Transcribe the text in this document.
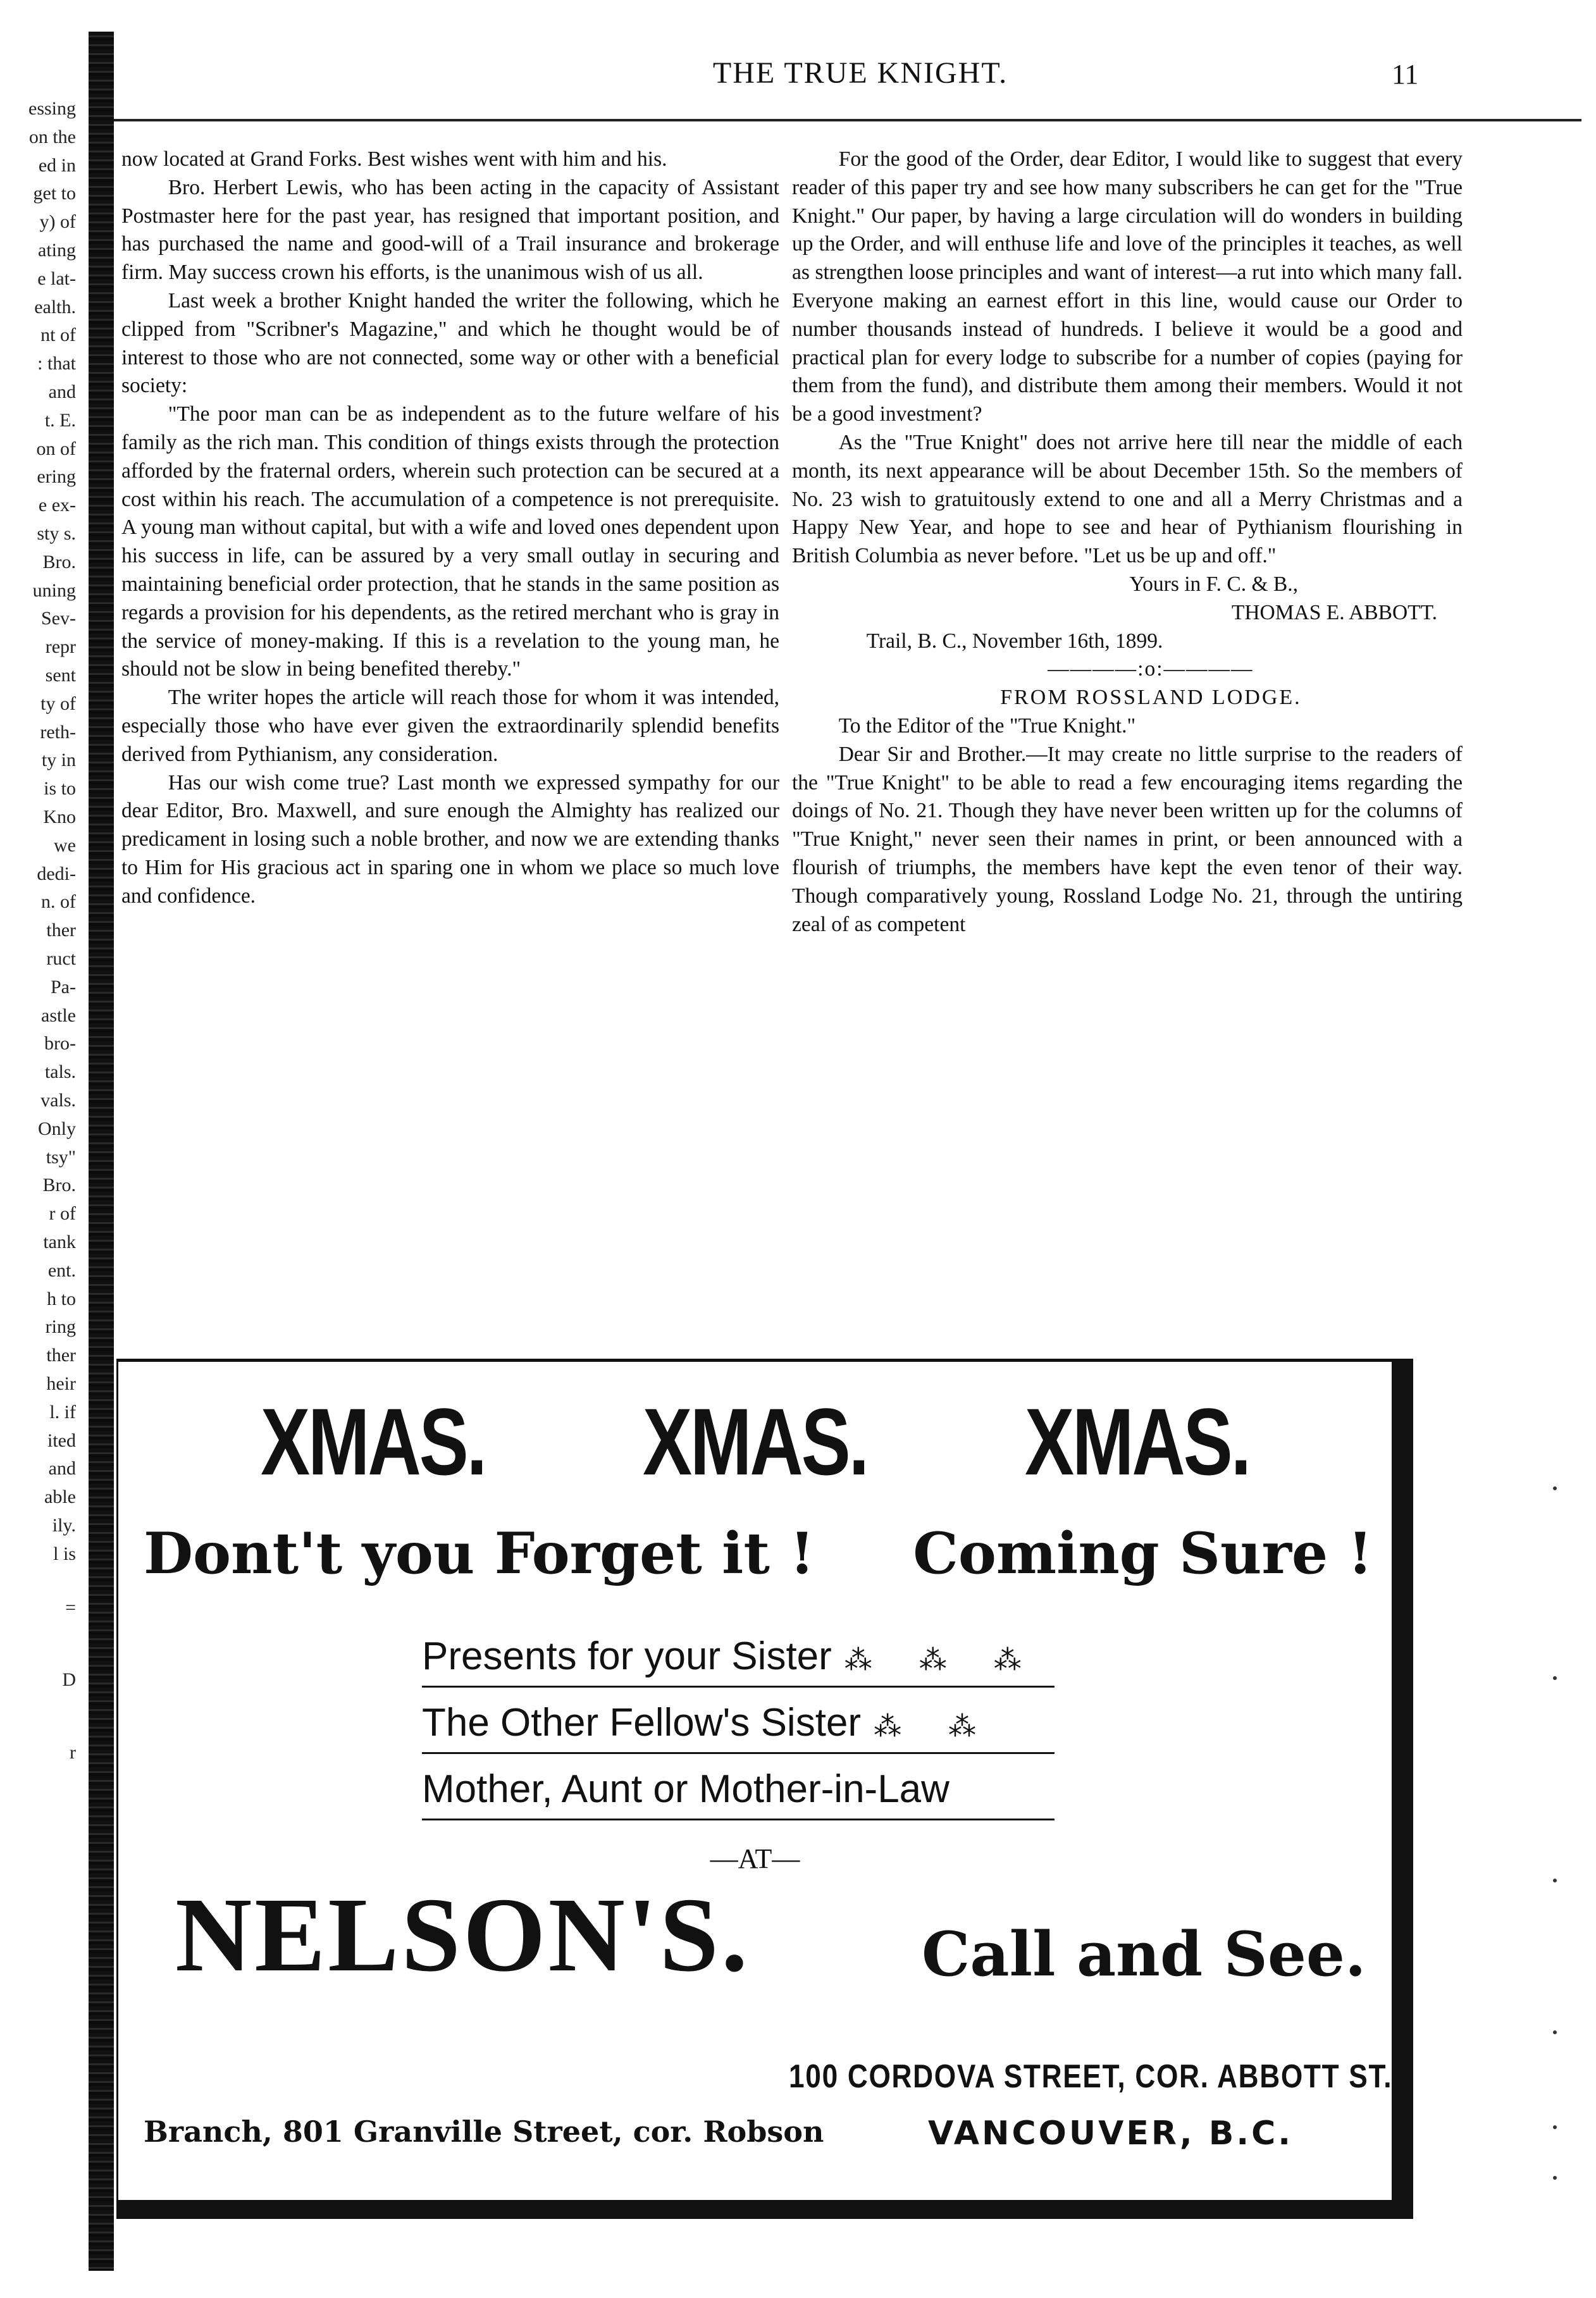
essing
on the
ed in
get to
y) of
ating
e lat-
ealth.
nt of
: that
and
t. E.
on of
ering
e ex-
sty s.
Bro.
uning
Sev-
repr
sent
ty of
reth-
ty in
is to
Kno
we
dedi-
n. of
ther
ruct
Pa-
astle
bro-
tals.
vals.
Only
tsy"
Bro.
r of
tank
ent.
h to
ring
ther
heir
l. if
ited
and
able
ily.
l is
=
D
r
THE TRUE KNIGHT.	11

now located at Grand Forks. Best wishes went with him and his.

Bro. Herbert Lewis, who has been acting in the capacity of Assistant Postmaster here for the past year, has resigned that important position, and has purchased the name and good-will of a Trail insurance and brokerage firm. May success crown his efforts, is the unanimous wish of us all.

Last week a brother Knight handed the writer the following, which he clipped from "Scribner's Magazine," and which he thought would be of interest to those who are not connected, some way or other with a beneficial society:

"The poor man can be as independent as to the future welfare of his family as the rich man. This condition of things exists through the protection afforded by the fraternal orders, wherein such protection can be secured at a cost within his reach. The accumulation of a competence is not prerequisite. A young man without capital, but with a wife and loved ones dependent upon his success in life, can be assured by a very small outlay in securing and maintaining beneficial order protection, that he stands in the same position as regards a provision for his dependents, as the retired merchant who is gray in the service of money-making. If this is a revelation to the young man, he should not be slow in being benefited thereby."

The writer hopes the article will reach those for whom it was intended, especially those who have ever given the extraordinarily splendid benefits derived from Pythianism, any consideration.

Has our wish come true? Last month we expressed sympathy for our dear Editor, Bro. Maxwell, and sure enough the Almighty has realized our predicament in losing such a noble brother, and now we are extending thanks to Him for His gracious act in sparing one in whom we place so much love and confidence.

For the good of the Order, dear Editor, I would like to suggest that every reader of this paper try and see how many subscribers he can get for the "True Knight." Our paper, by having a large circulation will do wonders in building up the Order, and will enthuse life and love of the principles it teaches, as well as strengthen loose principles and want of interest—a rut into which many fall. Everyone making an earnest effort in this line, would cause our Order to number thousands instead of hundreds. I believe it would be a good and practical plan for every lodge to subscribe for a number of copies (paying for them from the fund), and distribute them among their members. Would it not be a good investment?

As the "True Knight" does not arrive here till near the middle of each month, its next appearance will be about December 15th. So the members of No. 23 wish to gratuitously extend to one and all a Merry Christmas and a Happy New Year, and hope to see and hear of Pythianism flourishing in British Columbia as never before. "Let us be up and off."

Yours in F. C. & B.,

THOMAS E. ABBOTT.

Trail, B. C., November 16th, 1899.

————:o:————

FROM ROSSLAND LODGE.

To the Editor of the "True Knight."

Dear Sir and Brother.—It may create no little surprise to the readers of the "True Knight" to be able to read a few encouraging items regarding the doings of No. 21. Though they have never been written up for the columns of "True Knight," never seen their names in print, or been announced with a flourish of triumphs, the members have kept the even tenor of their way. Though comparatively young, Rossland Lodge No. 21, through the untiring zeal of as competent

XMAS. XMAS. XMAS.
Dont't you Forget it ! Coming Sure !
Presents for your Sister ⁂ ⁂ ⁂
The Other Fellow's Sister ⁂ ⁂
Mother, Aunt or Mother-in-Law
—AT—
NELSON'S.	Call and See.
100 CORDOVA STREET, COR. ABBOTT ST.
Branch, 801 Granville Street, cor. Robson	VANCOUVER, B.C.
